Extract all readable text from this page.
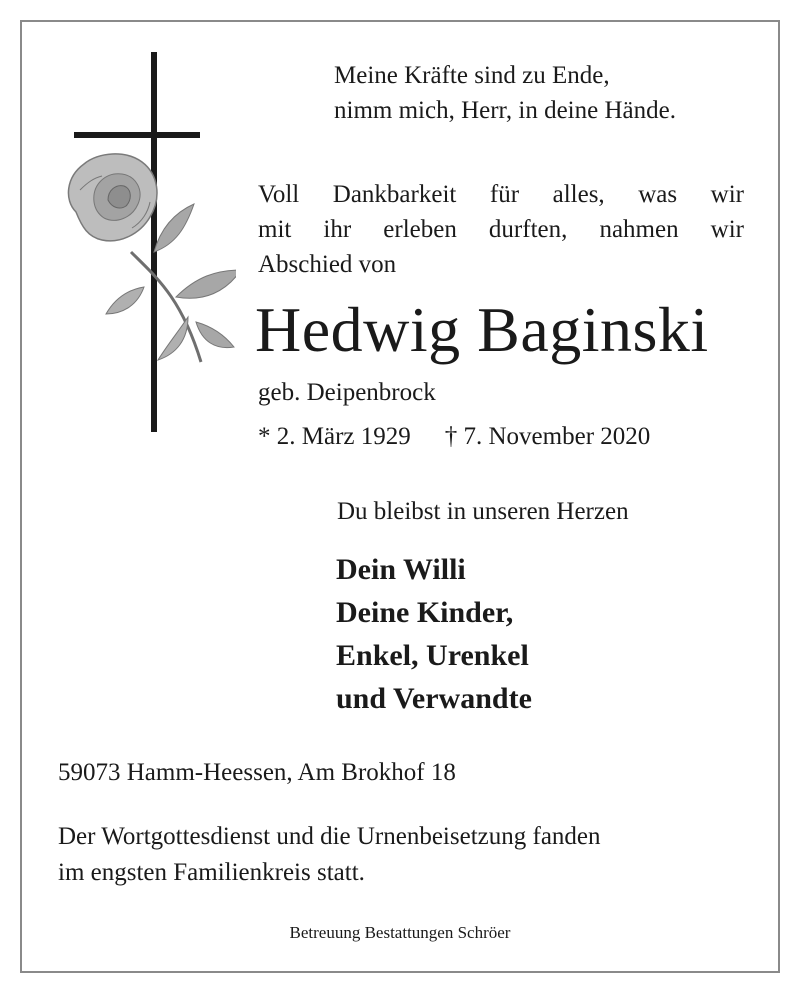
Meine Kräfte sind zu Ende,
nimm mich, Herr, in deine Hände.
Voll Dankbarkeit für alles, was wir
mit ihr erleben durften, nahmen wir
Abschied von
Hedwig Baginski
geb. Deipenbrock
* 2. März 1929 † 7. November 2020
Du bleibst in unseren Herzen
Dein Willi
Deine Kinder,
Enkel, Urenkel
und Verwandte
59073 Hamm-Heessen, Am Brokhof 18
Der Wortgottesdienst und die Urnenbeisetzung fanden
im engsten Familienkreis statt.
Betreuung Bestattungen Schröer
